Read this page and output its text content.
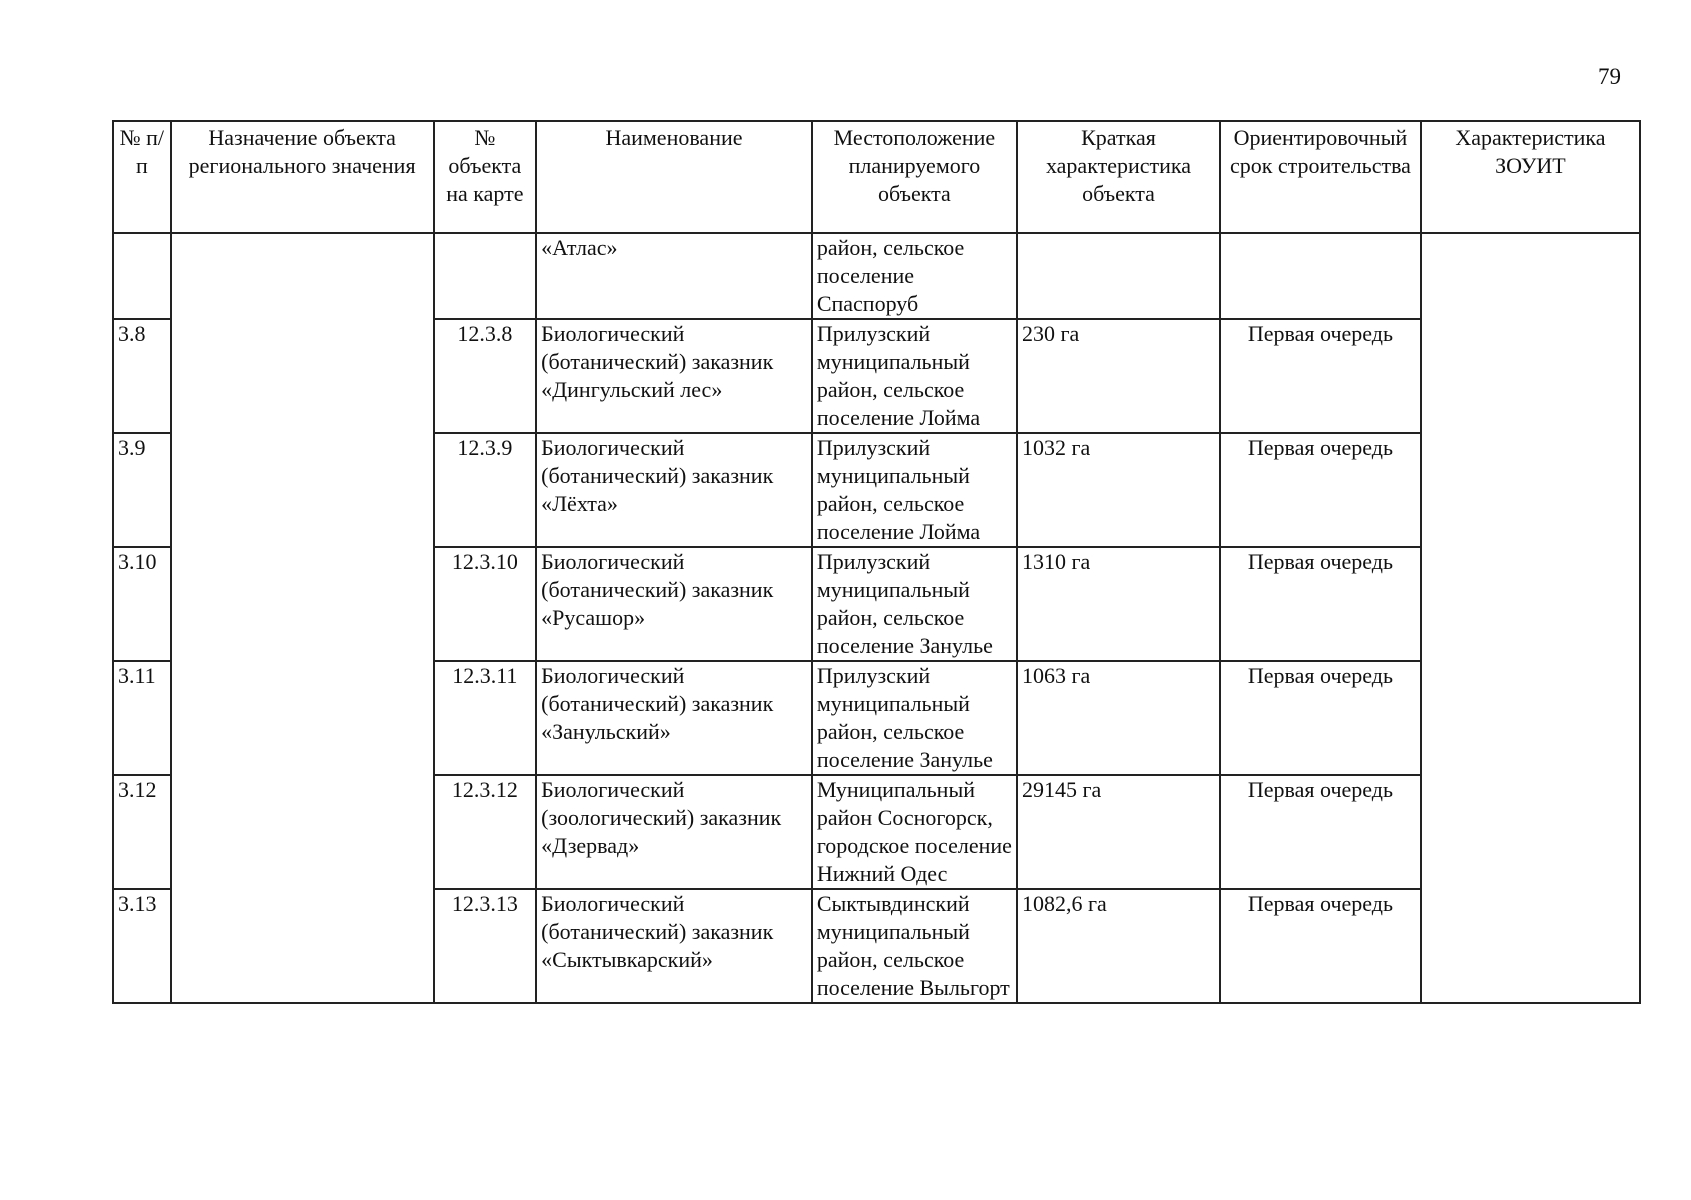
79
№ п/п	Назначение объекта регионального значения	№ объекта на карте	Наименование	Местоположение планируемого объекта	Краткая характеристика объекта	Ориентировочный срок строительства	Характеристика ЗОУИТ
			«Атлас»	район, сельское поселение Спаспоруб			
3.8		12.3.8	Биологический (ботанический) заказник «Дингульский лес»	Прилузский муниципальный район, сельское поселение Лойма	230 га	Первая очередь	
3.9		12.3.9	Биологический (ботанический) заказник «Лёхта»	Прилузский муниципальный район, сельское поселение Лойма	1032 га	Первая очередь	
3.10		12.3.10	Биологический (ботанический) заказник «Русашор»	Прилузский муниципальный район, сельское поселение Занулье	1310 га	Первая очередь	
3.11		12.3.11	Биологический (ботанический) заказник «Занульский»	Прилузский муниципальный район, сельское поселение Занулье	1063 га	Первая очередь	
3.12		12.3.12	Биологический (зоологический) заказник «Дзервад»	Муниципальный район Сосногорск, городское поселение Нижний Одес	29145 га	Первая очередь	
3.13		12.3.13	Биологический (ботанический) заказник «Сыктывкарский»	Сыктывдинский муниципальный район, сельское поселение Выльгорт	1082,6 га	Первая очередь	
